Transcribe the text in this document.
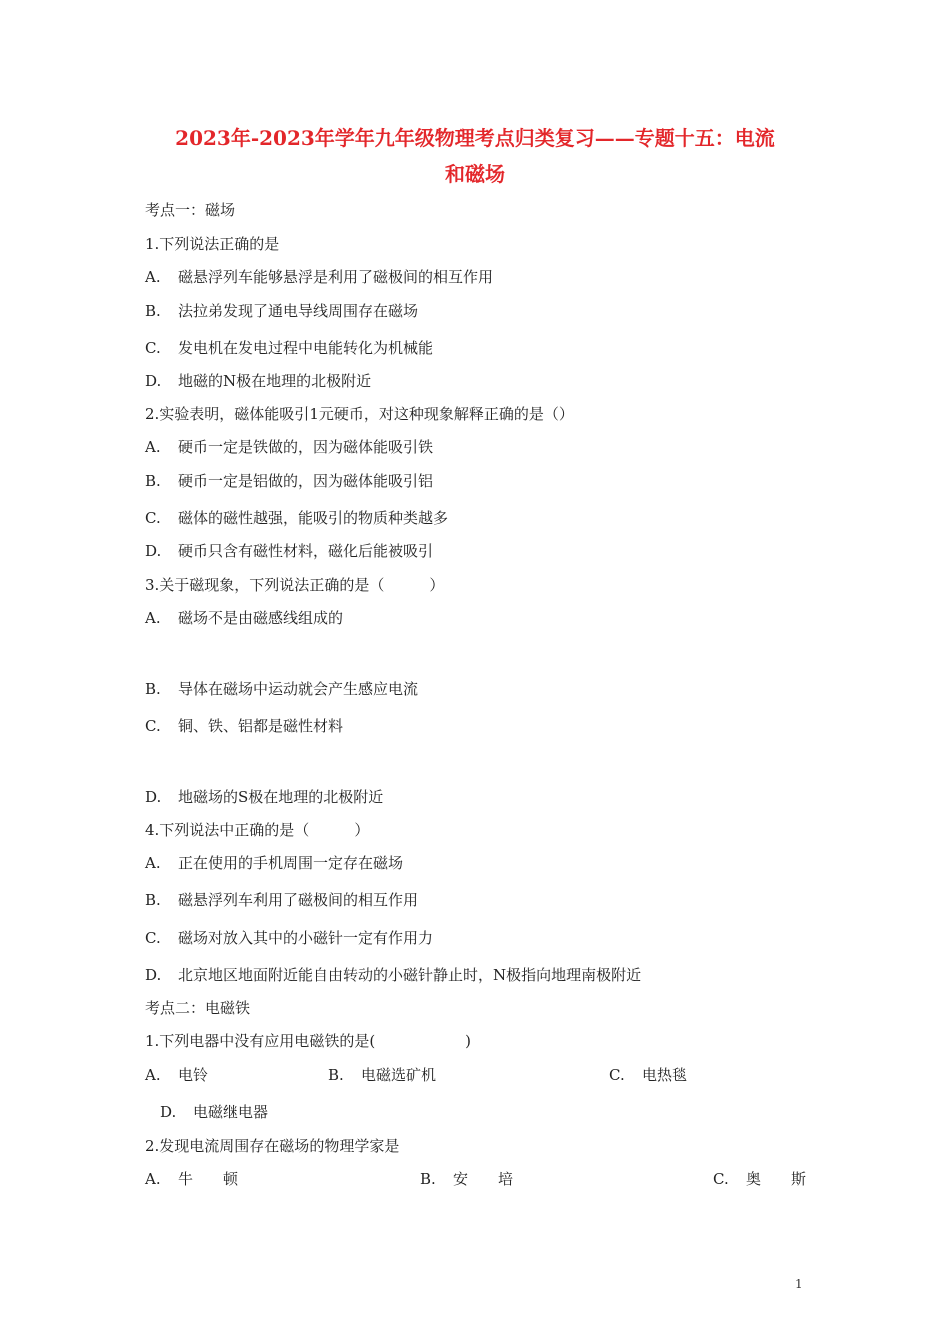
2023年-2023年学年九年级物理考点归类复习——专题十五：电流
和磁场
考点一：磁场
1.下列说法正确的是
A. 磁悬浮列车能够悬浮是利用了磁极间的相互作用
B. 法拉弟发现了通电导线周围存在磁场
C. 发电机在发电过程中电能转化为机械能
D. 地磁的N极在地理的北极附近
2.实验表明，磁体能吸引1元硬币，对这种现象解释正确的是（）
A. 硬币一定是铁做的，因为磁体能吸引铁
B. 硬币一定是铝做的，因为磁体能吸引铝
C. 磁体的磁性越强，能吸引的物质种类越多
D. 硬币只含有磁性材料，磁化后能被吸引
3.关于磁现象，下列说法正确的是（　　　）
A. 磁场不是由磁感线组成的
B. 导体在磁场中运动就会产生感应电流
C. 铜、铁、铝都是磁性材料
D. 地磁场的S极在地理的北极附近
4.下列说法中正确的是（　　　）
A. 正在使用的手机周围一定存在磁场
B. 磁悬浮列车利用了磁极间的相互作用
C. 磁场对放入其中的小磁针一定有作用力
D. 北京地区地面附近能自由转动的小磁针静止时，N极指向地理南极附近
考点二：电磁铁
1.下列电器中没有应用电磁铁的是(　　　　　　)
A. 电铃	B. 电磁选矿机	C. 电热毯
D. 电磁继电器
2.发现电流周围存在磁场的物理学家是
A. 牛　　顿	B. 安　　培	C. 奥　　斯
1
